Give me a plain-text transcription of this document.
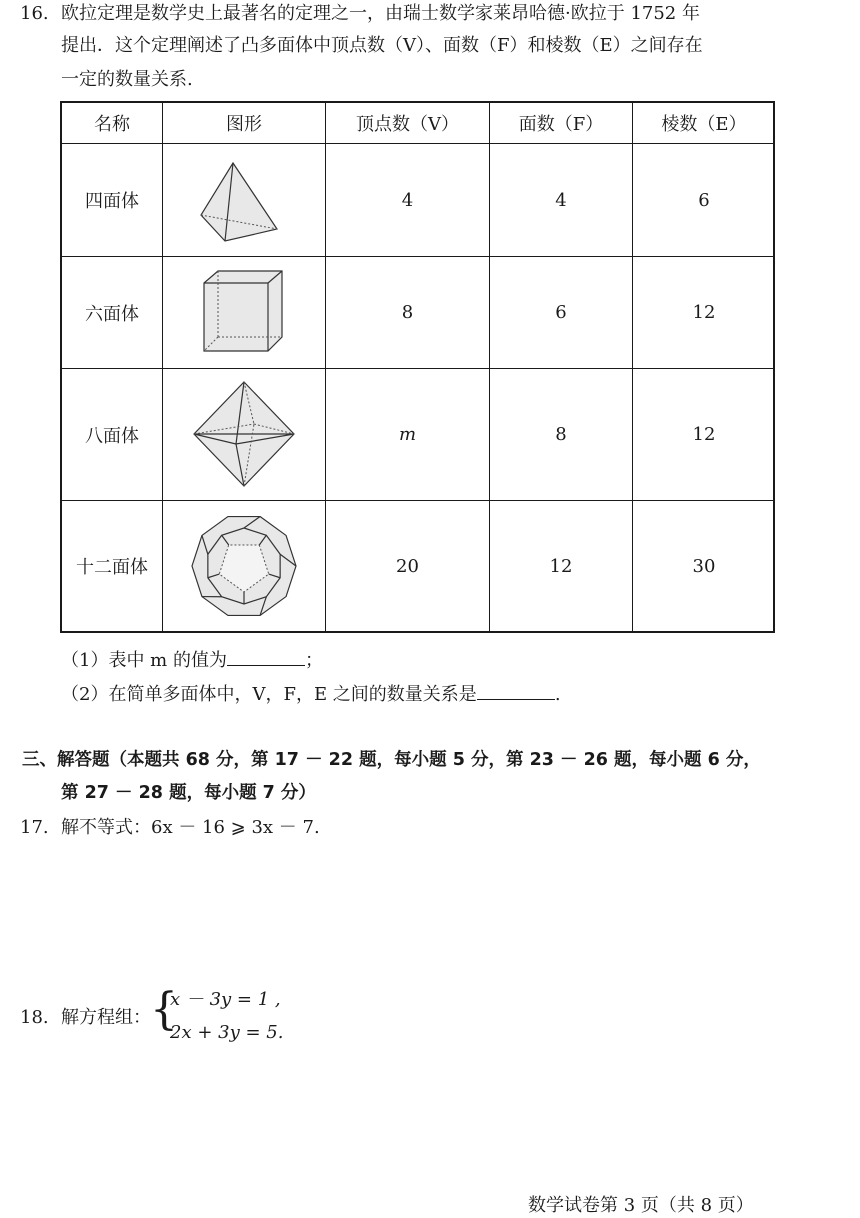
16. 欧拉定理是数学史上最著名的定理之一，由瑞士数学家莱昂哈德·欧拉于 1752 年
提出．这个定理阐述了凸多面体中顶点数（V）、面数（F）和棱数（E）之间存在
一定的数量关系.
名称	图形	顶点数（V）	面数（F）	棱数（E）
四面体	4	4	6
六面体	8	6	12
八面体	m	8	12
十二面体	20	12	30
（1）表中 m 的值为	；
（2）在简单多面体中，V，F，E 之间的数量关系是	.
三、解答题（本题共 68 分，第 17 － 22 题，每小题 5 分，第 23 － 26 题，每小题 6 分，
第 27 － 28 题，每小题 7 分）
17. 解不等式：6x － 16 ⩾ 3x － 7.
18. 解方程组： {
x － 3y = 1 ,
2x + 3y = 5.
数学试卷第 3 页（共 8 页）
